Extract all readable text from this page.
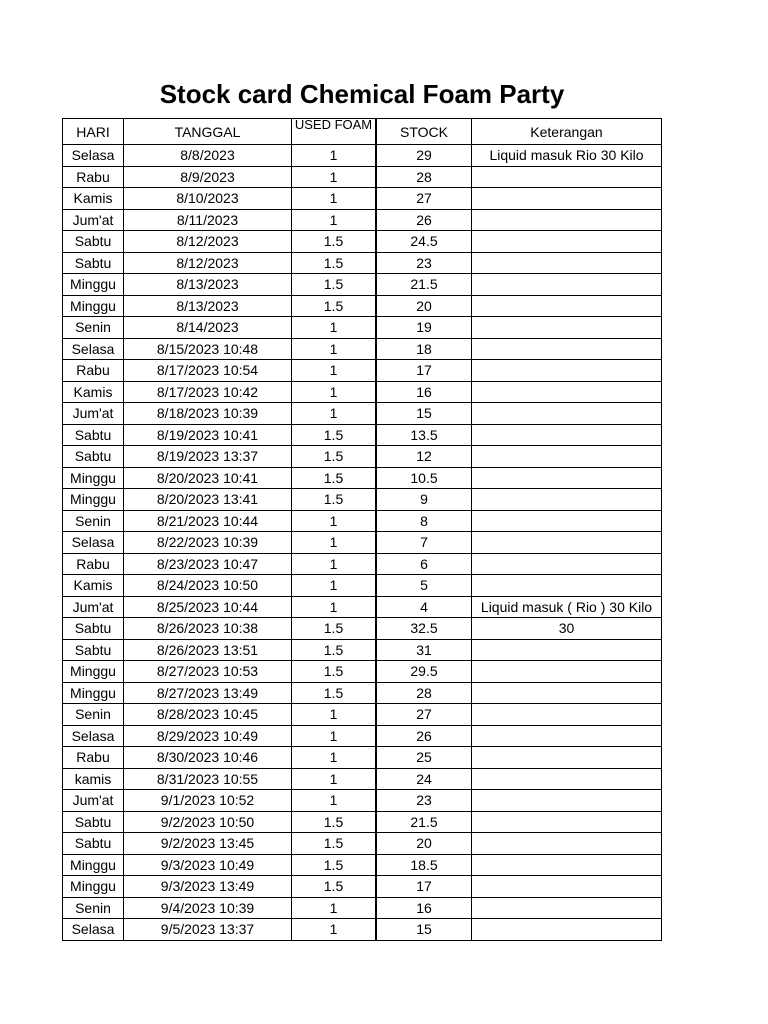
Stock card Chemical Foam Party
HARI	TANGGAL	USED FOAM		STOCK	Keterangan
Selasa	8/8/2023	1		29	Liquid masuk Rio 30 Kilo
Rabu	8/9/2023	1		28	
Kamis	8/10/2023	1		27	
Jum'at	8/11/2023	1		26	
Sabtu	8/12/2023	1.5		24.5	
Sabtu	8/12/2023	1.5		23	
Minggu	8/13/2023	1.5		21.5	
Minggu	8/13/2023	1.5		20	
Senin	8/14/2023	1		19	
Selasa	8/15/2023 10:48	1		18	
Rabu	8/17/2023 10:54	1		17	
Kamis	8/17/2023 10:42	1		16	
Jum'at	8/18/2023 10:39	1		15	
Sabtu	8/19/2023 10:41	1.5		13.5	
Sabtu	8/19/2023 13:37	1.5		12	
Minggu	8/20/2023 10:41	1.5		10.5	
Minggu	8/20/2023 13:41	1.5		9	
Senin	8/21/2023 10:44	1		8	
Selasa	8/22/2023 10:39	1		7	
Rabu	8/23/2023 10:47	1		6	
Kamis	8/24/2023 10:50	1		5	
Jum'at	8/25/2023 10:44	1		4	Liquid masuk ( Rio ) 30 Kilo
Sabtu	8/26/2023 10:38	1.5		32.5	30
Sabtu	8/26/2023 13:51	1.5		31	
Minggu	8/27/2023 10:53	1.5		29.5	
Minggu	8/27/2023 13:49	1.5		28	
Senin	8/28/2023 10:45	1		27	
Selasa	8/29/2023 10:49	1		26	
Rabu	8/30/2023 10:46	1		25	
kamis	8/31/2023 10:55	1		24	
Jum'at	9/1/2023 10:52	1		23	
Sabtu	9/2/2023 10:50	1.5		21.5	
Sabtu	9/2/2023 13:45	1.5		20	
Minggu	9/3/2023 10:49	1.5		18.5	
Minggu	9/3/2023 13:49	1.5		17	
Senin	9/4/2023 10:39	1		16	
Selasa	9/5/2023 13:37	1		15	
